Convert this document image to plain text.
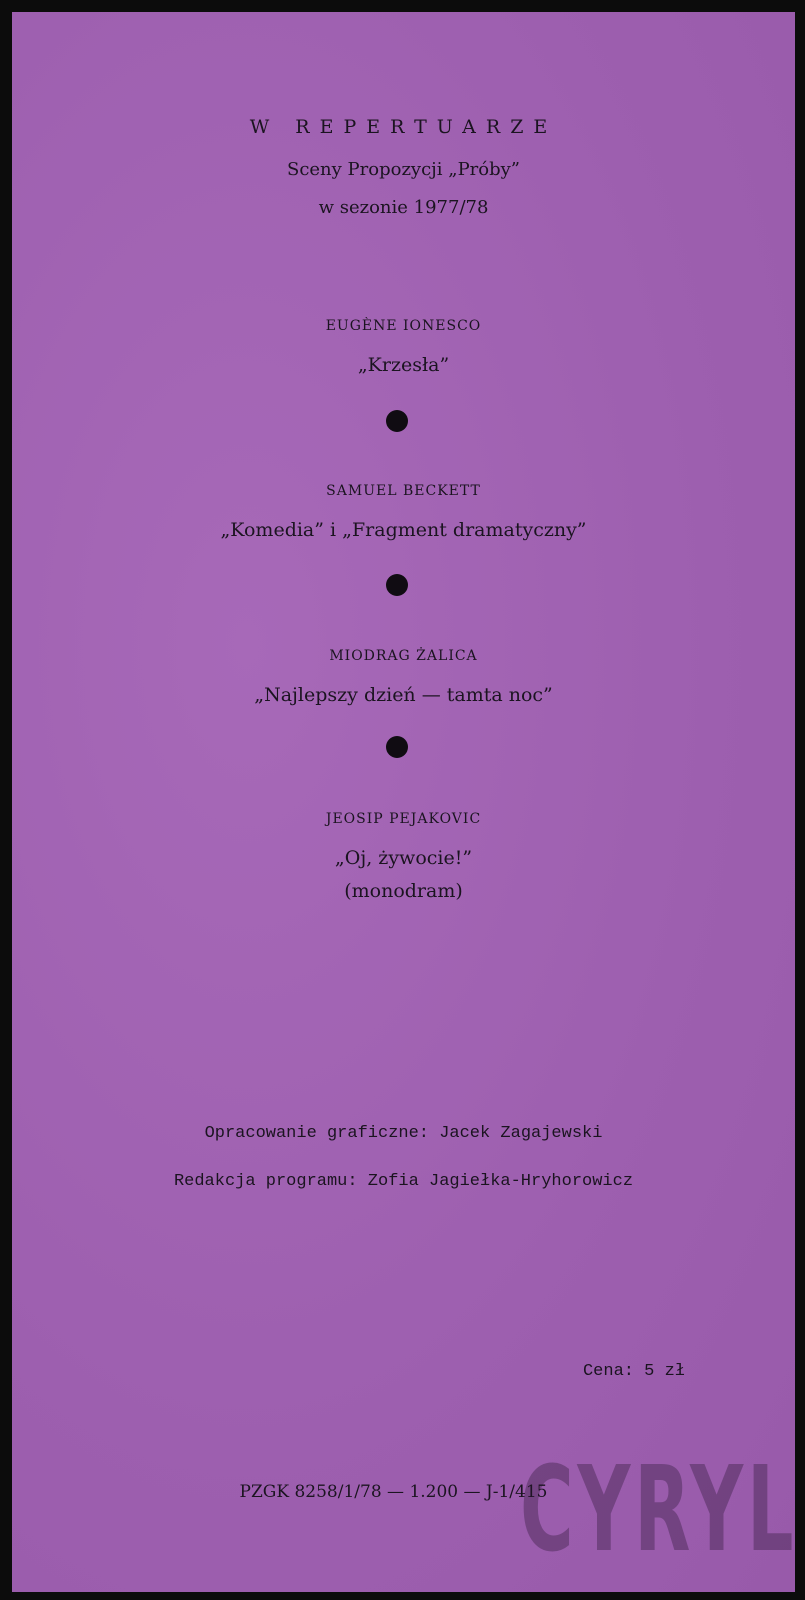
W REPERTUARZE
Sceny Propozycji „Próby”
w sezonie 1977/78
EUGÈNE IONESCO
„Krzesła”
SAMUEL BECKETT
„Komedia” i „Fragment dramatyczny”
MIODRAG ŻALICA
„Najlepszy dzień — tamta noc”
JEOSIP PEJAKOVIC
„Oj, żywocie!”
(monodram)
Opracowanie graficzne: Jacek Zagajewski
Redakcja programu: Zofia Jagiełka-Hryhorowicz
Cena: 5 zł
PZGK 8258/1/78 — 1.200 — J-1/415
CYRYL
